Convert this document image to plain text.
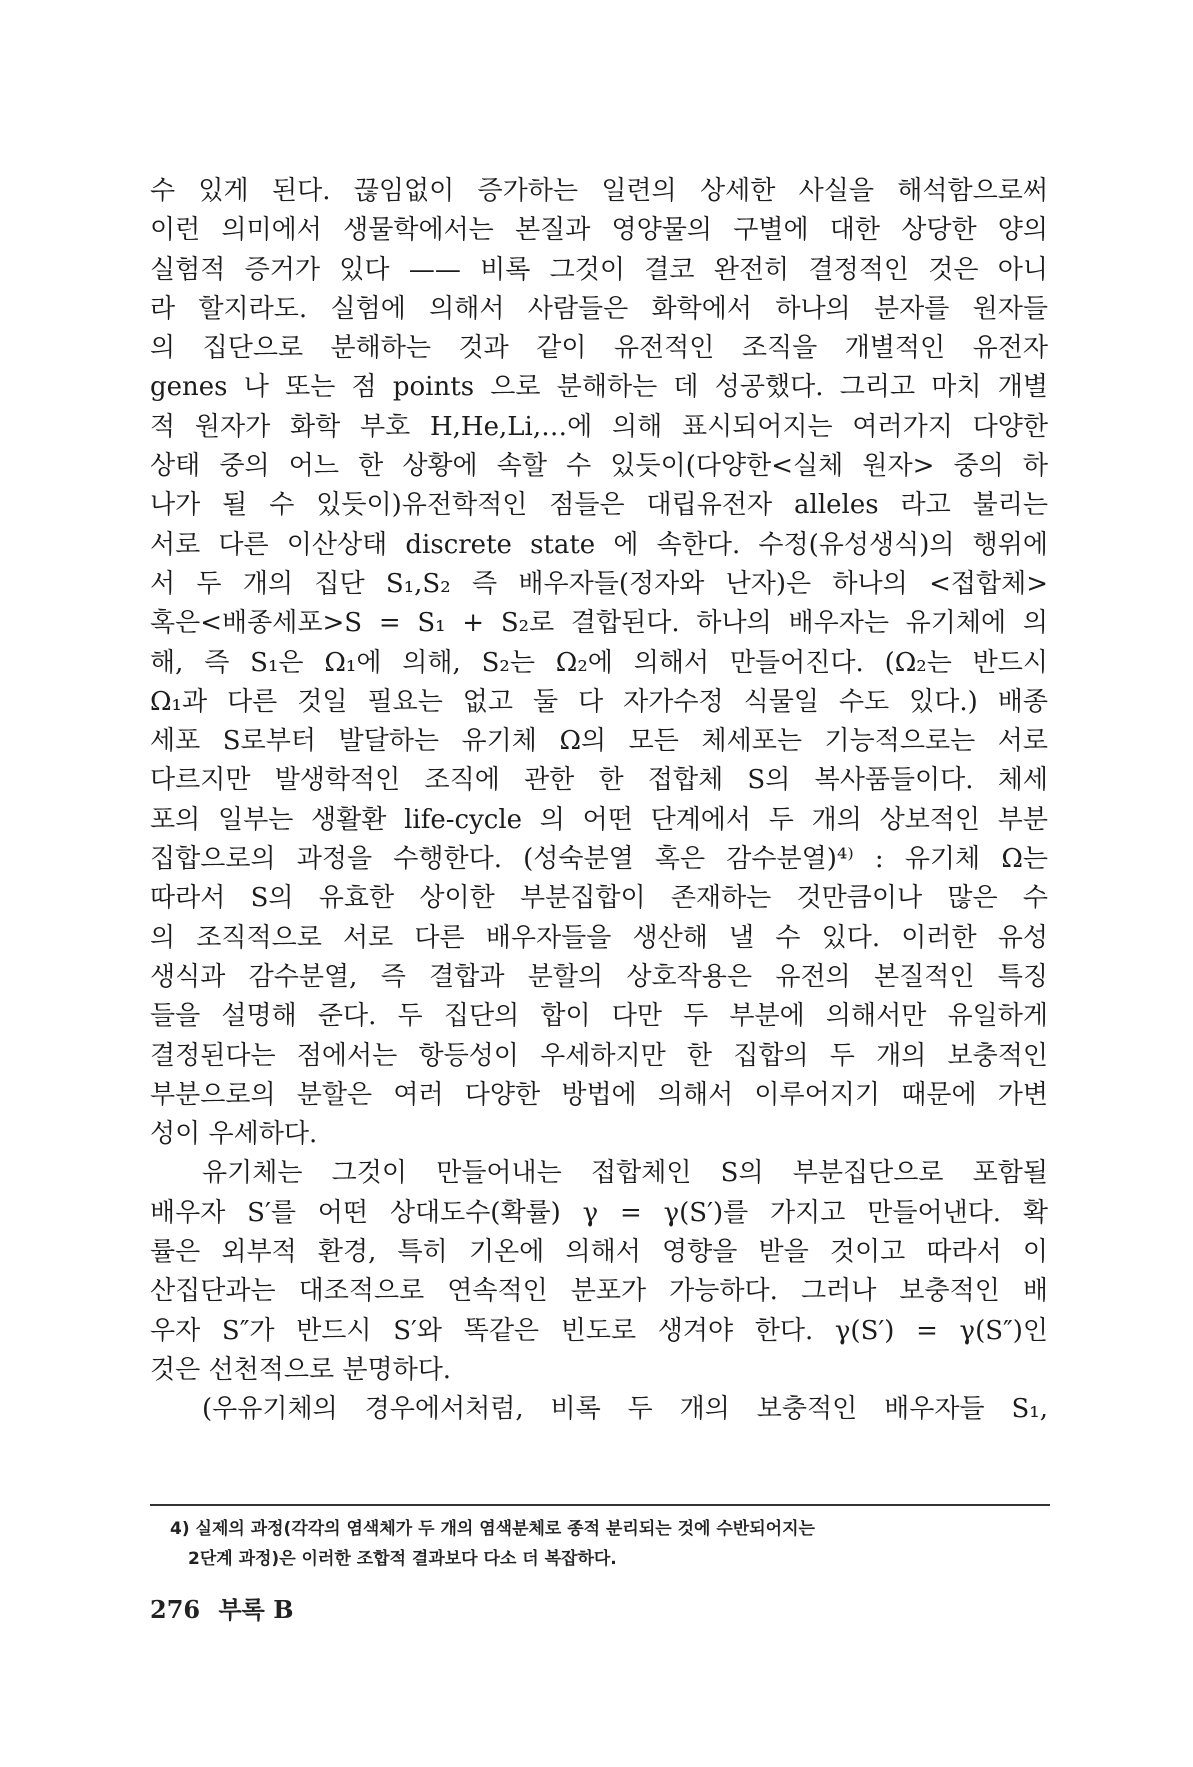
수 있게 된다. 끊임없이 증가하는 일련의 상세한 사실을 해석함으로써
이런 의미에서 생물학에서는 본질과 영양물의 구별에 대한 상당한 양의
실험적 증거가 있다 —— 비록 그것이 결코 완전히 결정적인 것은 아니
라 할지라도. 실험에 의해서 사람들은 화학에서 하나의 분자를 원자들
의 집단으로 분해하는 것과 같이 유전적인 조직을 개별적인 유전자
genes 나 또는 점 points 으로 분해하는 데 성공했다. 그리고 마치 개별
적 원자가 화학 부호 H,He,Li,…에 의해 표시되어지는 여러가지 다양한
상태 중의 어느 한 상황에 속할 수 있듯이(다양한<실체 원자> 중의 하
나가 될 수 있듯이)유전학적인 점들은 대립유전자 alleles 라고 불리는
서로 다른 이산상태 discrete state 에 속한다. 수정(유성생식)의 행위에
서 두 개의 집단 S₁,S₂ 즉 배우자들(정자와 난자)은 하나의 <접합체>
혹은<배종세포>S = S₁ + S₂로 결합된다. 하나의 배우자는 유기체에 의
해, 즉 S₁은 Ω₁에 의해, S₂는 Ω₂에 의해서 만들어진다. (Ω₂는 반드시
Ω₁과 다른 것일 필요는 없고 둘 다 자가수정 식물일 수도 있다.) 배종
세포 S로부터 발달하는 유기체 Ω의 모든 체세포는 기능적으로는 서로
다르지만 발생학적인 조직에 관한 한 접합체 S의 복사품들이다. 체세
포의 일부는 생활환 life-cycle 의 어떤 단계에서 두 개의 상보적인 부분
집합으로의 과정을 수행한다. (성숙분열 혹은 감수분열)⁴⁾ : 유기체 Ω는
따라서 S의 유효한 상이한 부분집합이 존재하는 것만큼이나 많은 수
의 조직적으로 서로 다른 배우자들을 생산해 낼 수 있다. 이러한 유성
생식과 감수분열, 즉 결합과 분할의 상호작용은 유전의 본질적인 특징
들을 설명해 준다. 두 집단의 합이 다만 두 부분에 의해서만 유일하게
결정된다는 점에서는 항등성이 우세하지만 한 집합의 두 개의 보충적인
부분으로의 분할은 여러 다양한 방법에 의해서 이루어지기 때문에 가변
성이 우세하다.
유기체는 그것이 만들어내는 접합체인 S의 부분집단으로 포함될
배우자 S′를 어떤 상대도수(확률) γ = γ(S′)를 가지고 만들어낸다. 확
률은 외부적 환경, 특히 기온에 의해서 영향을 받을 것이고 따라서 이
산집단과는 대조적으로 연속적인 분포가 가능하다. 그러나 보충적인 배
우자 S″가 반드시 S′와 똑같은 빈도로 생겨야 한다. γ(S′) = γ(S″)인
것은 선천적으로 분명하다.
(우유기체의 경우에서처럼, 비록 두 개의 보충적인 배우자들 S₁,
4) 실제의 과정(각각의 염색체가 두 개의 염색분체로 종적 분리되는 것에 수반되어지는
2단계 과정)은 이러한 조합적 결과보다 다소 더 복잡하다.
276 부록 B
